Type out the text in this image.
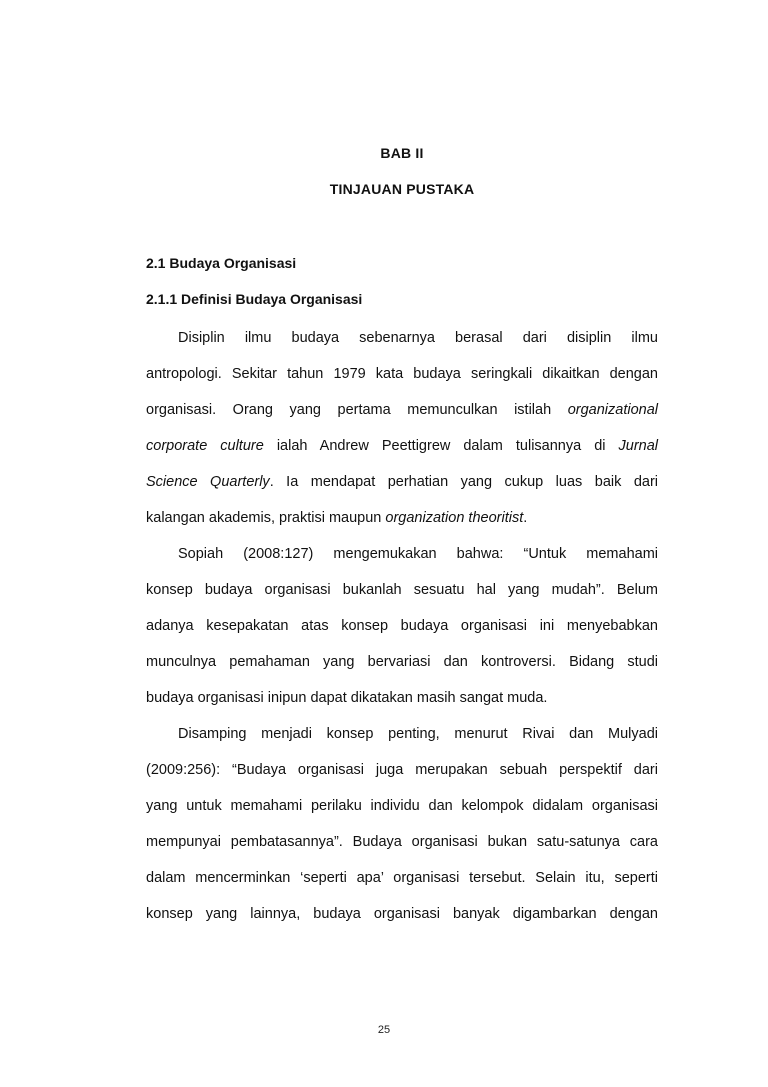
BAB II
TINJAUAN PUSTAKA
2.1 Budaya Organisasi
2.1.1 Definisi Budaya Organisasi
Disiplin ilmu budaya sebenarnya berasal dari disiplin ilmu
antropologi. Sekitar tahun 1979 kata budaya seringkali dikaitkan dengan
organisasi. Orang yang pertama memunculkan istilah organizational
corporate culture ialah Andrew Peettigrew dalam tulisannya di Jurnal
Science Quarterly. Ia mendapat perhatian yang cukup luas baik dari
kalangan akademis, praktisi maupun organization theoritist.
Sopiah (2008:127) mengemukakan bahwa: “Untuk memahami
konsep budaya organisasi bukanlah sesuatu hal yang mudah”. Belum
adanya kesepakatan atas konsep budaya organisasi ini menyebabkan
munculnya pemahaman yang bervariasi dan kontroversi. Bidang studi
budaya organisasi inipun dapat dikatakan masih sangat muda.
Disamping menjadi konsep penting, menurut Rivai dan Mulyadi
(2009:256): “Budaya organisasi juga merupakan sebuah perspektif dari
yang untuk memahami perilaku individu dan kelompok didalam organisasi
mempunyai pembatasannya”. Budaya organisasi bukan satu-satunya cara
dalam mencerminkan ‘seperti apa’ organisasi tersebut. Selain itu, seperti
konsep yang lainnya, budaya organisasi banyak digambarkan dengan
25
